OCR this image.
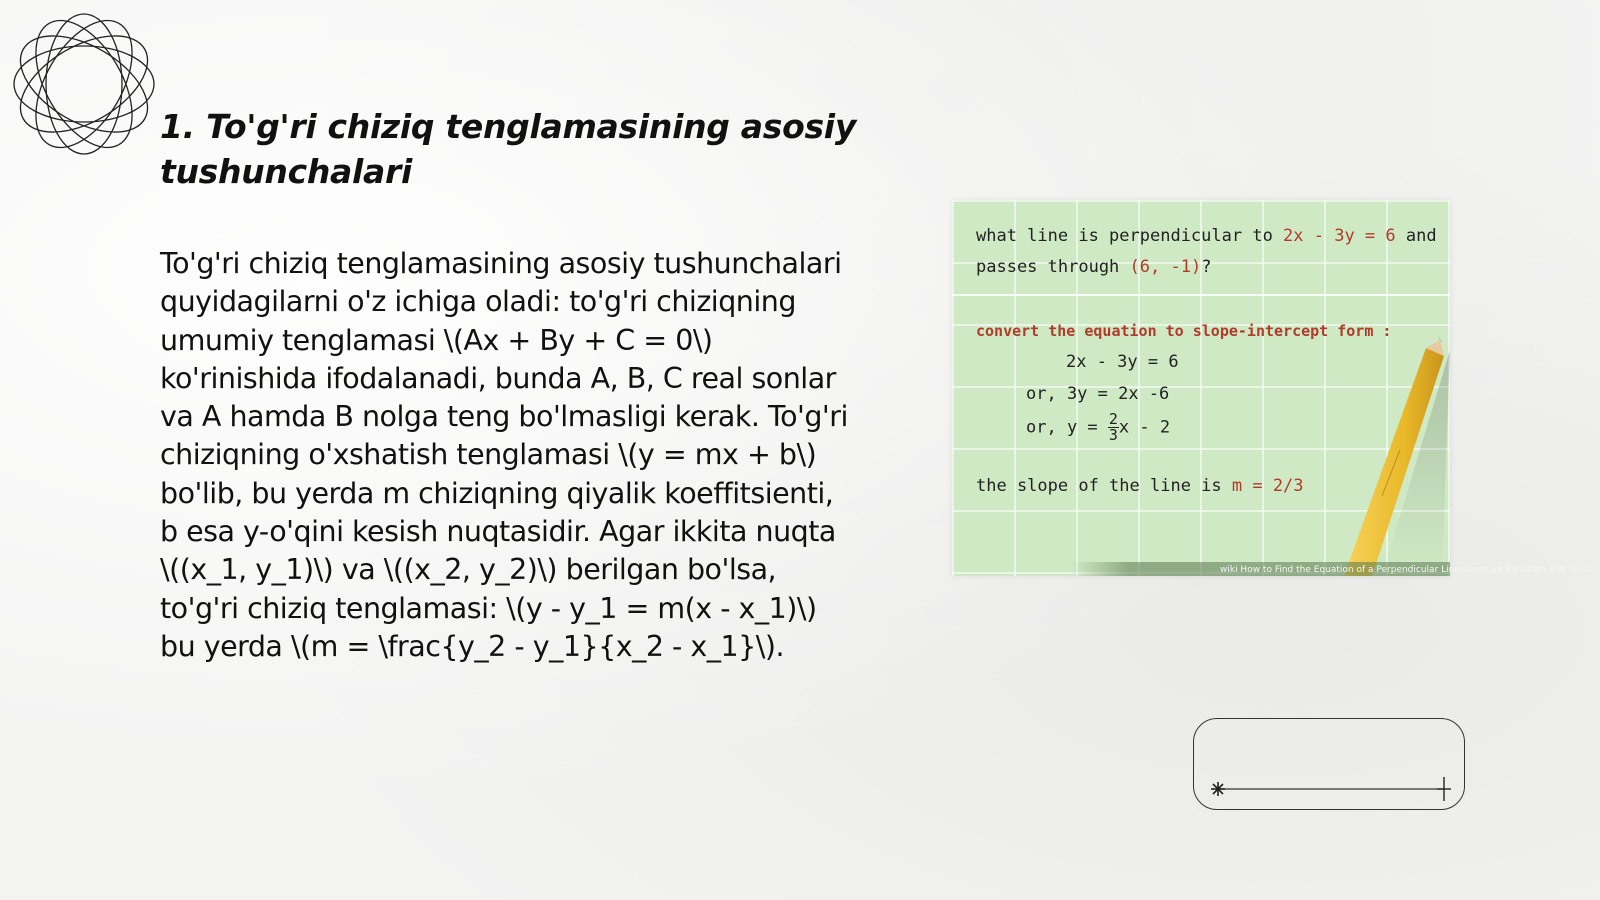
1. To'g'ri chiziq tenglamasining asosiy tushunchalari

To'g'ri chiziq tenglamasining asosiy tushunchalari quyidagilarni o'z ichiga oladi: to'g'ri chiziqning umumiy tenglamasi \(Ax + By + C = 0\) ko'rinishida ifodalanadi, bunda A, B, C real sonlar va A hamda B nolga teng bo'lmasligi kerak. To'g'ri chiziqning o'xshatish tenglamasi \(y = mx + b\) bo'lib, bu yerda m chiziqning qiyalik koeffitsienti, b esa y-o'qini kesish nuqtasidir. Agar ikkita nuqta \((x_1, y_1)\) va \((x_2, y_2)\) berilgan bo'lsa, to'g'ri chiziq tenglamasi: \(y - y_1 = m(x - x_1)\) bu yerda \(m = \frac{y_2 - y_1}{x_2 - x_1}\).

what line is perpendicular to 2x - 3y = 6 and
passes through (6, -1)?
convert the equation to slope-intercept form :
2x - 3y = 6
or, 3y = 2x -6
or, $y = \frac{2}{3}$ x - 2
the slope of the line is m = 2/3
wiki How to Find the Equation of a Perpendicular Line Given an Equation and Point
